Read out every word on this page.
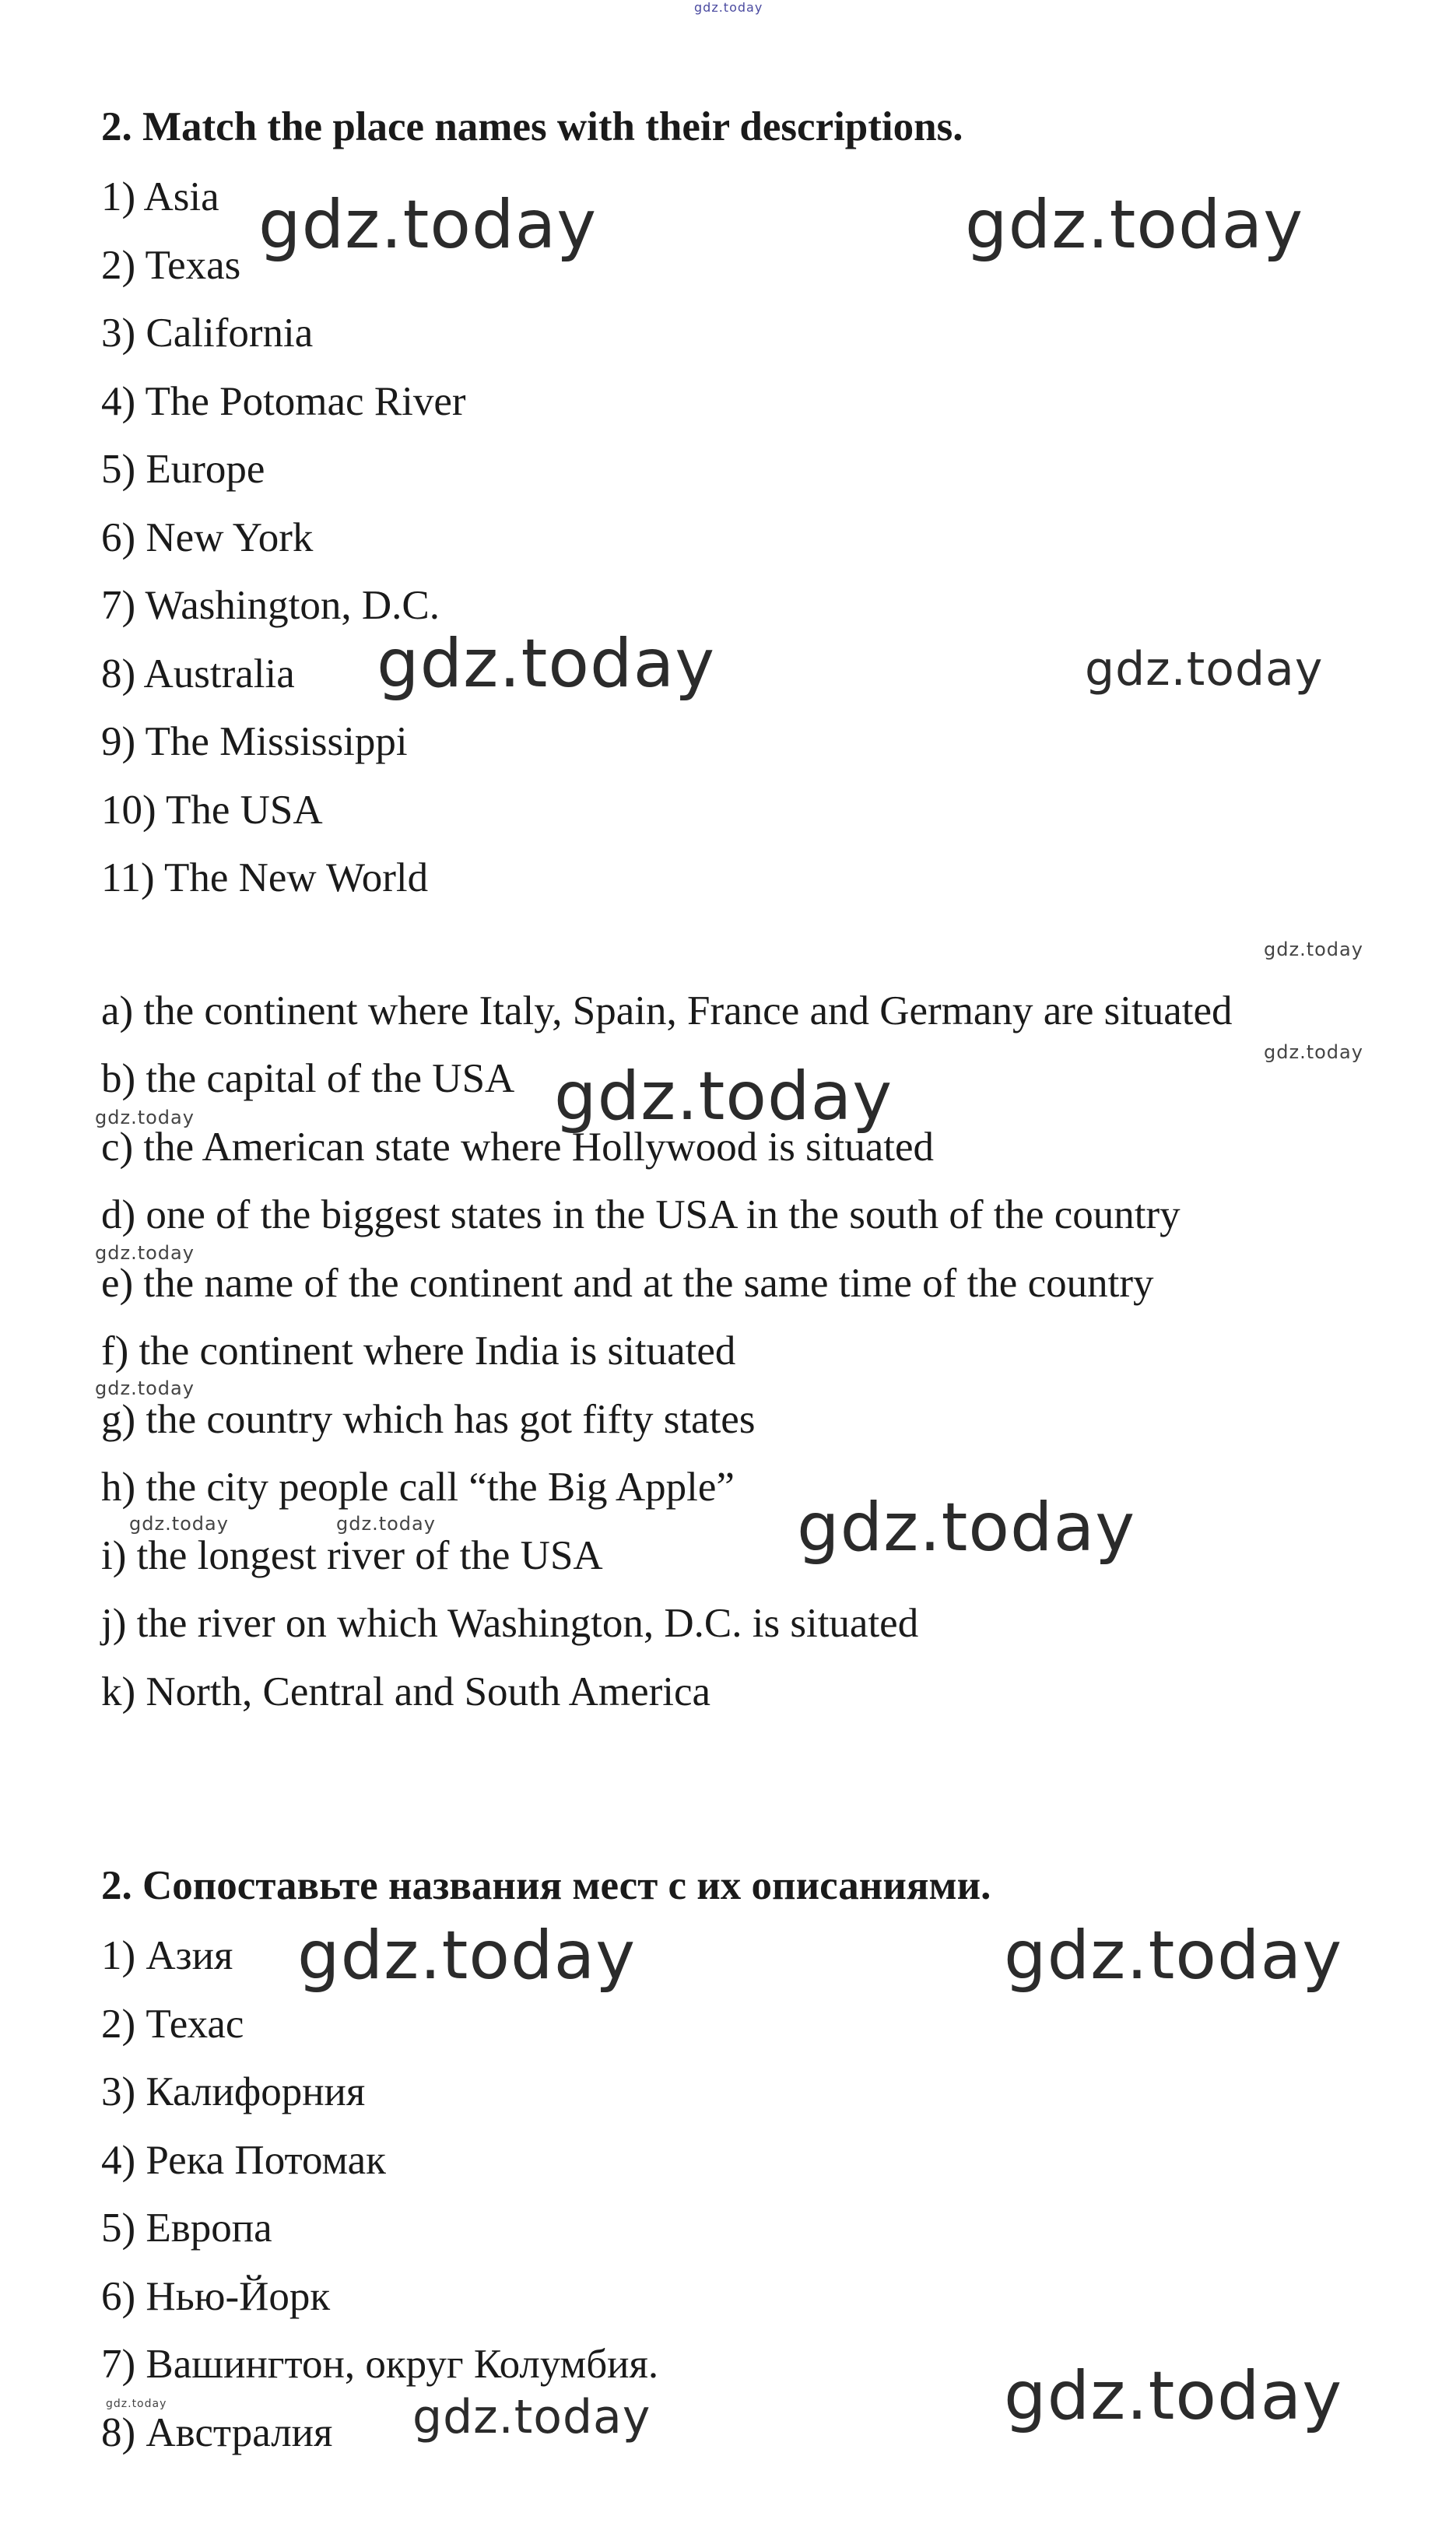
2. Match the place names with their descriptions.

1) Asia

2) Texas

3) California

4) The Potomac River

5) Europe

6) New York

7) Washington, D.C.

8) Australia

9) The Mississippi

10) The USA

11) The New World

a) the continent where Italy, Spain, France and Germany are situated

b) the capital of the USA

c) the American state where Hollywood is situated

d) one of the biggest states in the USA in the south of the country

e) the name of the continent and at the same time of the country

f) the continent where India is situated

g) the country which has got fifty states

h) the city people call “the Big Apple”

i) the longest river of the USA

j) the river on which Washington, D.C. is situated

k) North, Central and South America

2. Сопоставьте названия мест с их описаниями.

1) Азия

2) Техас

3) Калифорния

4) Река Потомак

5) Европа

6) Нью-Йорк

7) Вашингтон, округ Колумбия.

8) Австралия

gdz.today
gdz.today	gdz.today
gdz.today	gdz.today
gdz.today
gdz.today
gdz.today
gdz.today
gdz.today
gdz.today
gdz.today
gdz.today	gdz.today
gdz.today	gdz.today
gdz.today
gdz.today
gdz.today
